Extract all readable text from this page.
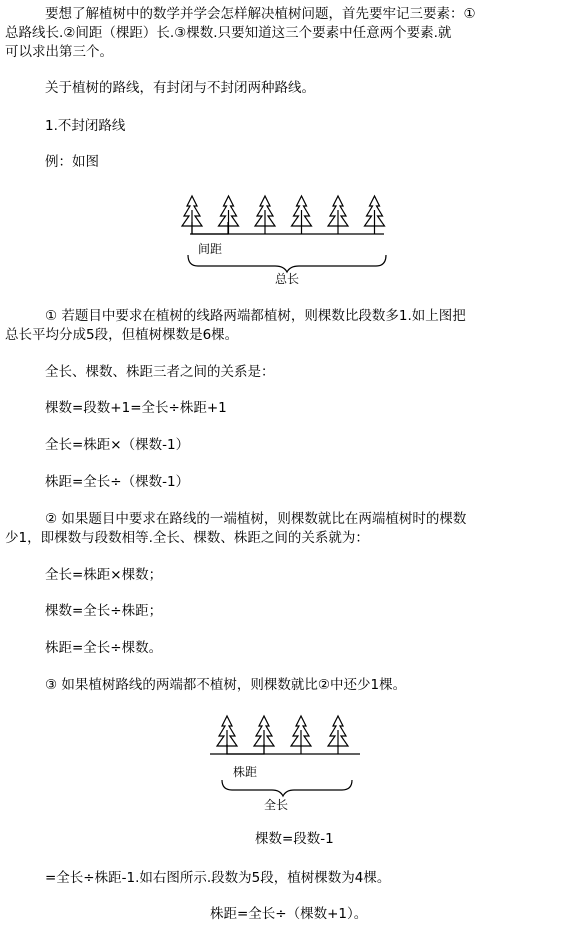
要想了解植树中的数学并学会怎样解决植树问题，首先要牢记三要素：①
总路线长.②间距（棵距）长.③棵数.只要知道这三个要素中任意两个要素.就
可以求出第三个。
关于植树的路线，有封闭与不封闭两种路线。
1.不封闭路线
例：如图
间距
总长
① 若题目中要求在植树的线路两端都植树，则棵数比段数多1.如上图把
总长平均分成5段，但植树棵数是6棵。
全长、棵数、株距三者之间的关系是：
棵数=段数+1=全长÷株距+1
全长=株距×（棵数-1）
株距=全长÷（棵数-1）
② 如果题目中要求在路线的一端植树，则棵数就比在两端植树时的棵数
少1，即棵数与段数相等.全长、棵数、株距之间的关系就为：
全长=株距×棵数；
棵数=全长÷株距；
株距=全长÷棵数。
③ 如果植树路线的两端都不植树，则棵数就比②中还少1棵。
株距
全长
棵数=段数-1
=全长÷株距-1.如右图所示.段数为5段，植树棵数为4棵。
株距=全长÷（棵数+1）。
